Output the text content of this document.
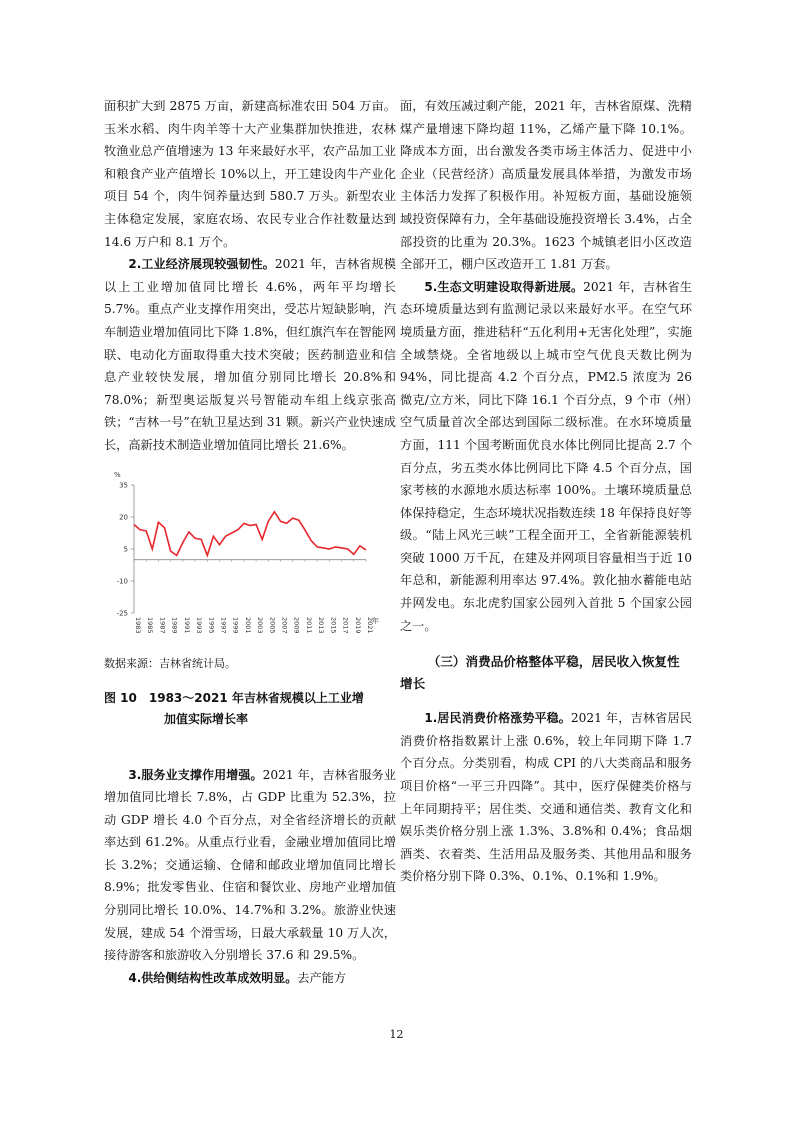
面积扩大到 2875 万亩，新建高标准农田 504 万亩。玉米水稻、肉牛肉羊等十大产业集群加快推进，农林牧渔业总产值增速为 13 年来最好水平，农产品加工业和粮食产业产值增长 10%以上，开工建设肉牛产业化项目 54 个，肉牛饲养量达到 580.7 万头。新型农业主体稳定发展，家庭农场、农民专业合作社数量达到 14.6 万户和 8.1 万个。

2.工业经济展现较强韧性。2021 年，吉林省规模以上工业增加值同比增长 4.6%，两年平均增长 5.7%。重点产业支撑作用突出，受芯片短缺影响，汽车制造业增加值同比下降 1.8%，但红旗汽车在智能网联、电动化方面取得重大技术突破；医药制造业和信息产业较快发展，增加值分别同比增长 20.8%和 78.0%；新型奥运版复兴号智能动车组上线京张高铁；“吉林一号”在轨卫星达到 31 颗。新兴产业快速成长，高新技术制造业增加值同比增长 21.6%。

%
35
20
5
-10
-25
1983 1985 1987 1989 1991 1993 1995 1997 1999 2001 2003 2005 2007 2009 2011 2013 2015 2017 2019 2021
年

数据来源：吉林省统计局。

图 10　1983～2021 年吉林省规模以上工业增
加值实际增长率

3.服务业支撑作用增强。2021 年，吉林省服务业增加值同比增长 7.8%，占 GDP 比重为 52.3%，拉动 GDP 增长 4.0 个百分点，对全省经济增长的贡献率达到 61.2%。从重点行业看，金融业增加值同比增长 3.2%；交通运输、仓储和邮政业增加值同比增长 8.9%；批发零售业、住宿和餐饮业、房地产业增加值分别同比增长 10.0%、14.7%和 3.2%。旅游业快速发展，建成 54 个滑雪场，日最大承载量 10 万人次，接待游客和旅游收入分别增长 37.6 和 29.5%。

4.供给侧结构性改革成效明显。去产能方

面，有效压减过剩产能，2021 年，吉林省原煤、洗精煤产量增速下降均超 11%，乙烯产量下降 10.1%。降成本方面，出台激发各类市场主体活力、促进中小企业（民营经济）高质量发展具体举措，为激发市场主体活力发挥了积极作用。补短板方面，基础设施领域投资保障有力，全年基础设施投资增长 3.4%，占全部投资的比重为 20.3%。1623 个城镇老旧小区改造全部开工，棚户区改造开工 1.81 万套。

5.生态文明建设取得新进展。2021 年，吉林省生态环境质量达到有监测记录以来最好水平。在空气环境质量方面，推进秸秆“五化利用+无害化处理”，实施全域禁烧。全省地级以上城市空气优良天数比例为 94%，同比提高 4.2 个百分点，PM2.5 浓度为 26 微克/立方米，同比下降 16.1 个百分点，9 个市（州）空气质量首次全部达到国际二级标准。在水环境质量方面，111 个国考断面优良水体比例同比提高 2.7 个百分点，劣五类水体比例同比下降 4.5 个百分点，国家考核的水源地水质达标率 100%。土壤环境质量总体保持稳定，生态环境状况指数连续 18 年保持良好等级。“陆上风光三峡”工程全面开工，全省新能源装机突破 1000 万千瓦，在建及并网项目容量相当于近 10 年总和，新能源利用率达 97.4%。敦化抽水蓄能电站并网发电。东北虎豹国家公园列入首批 5 个国家公园之一。

（三）消费品价格整体平稳，居民收入恢复性增长

1.居民消费价格涨势平稳。2021 年，吉林省居民消费价格指数累计上涨 0.6%，较上年同期下降 1.7 个百分点。分类别看，构成 CPI 的八大类商品和服务项目价格“一平三升四降”。其中，医疗保健类价格与上年同期持平；居住类、交通和通信类、教育文化和娱乐类价格分别上涨 1.3%、3.8%和 0.4%；食品烟酒类、衣着类、生活用品及服务类、其他用品和服务类价格分别下降 0.3%、0.1%、0.1%和 1.9%。

12
